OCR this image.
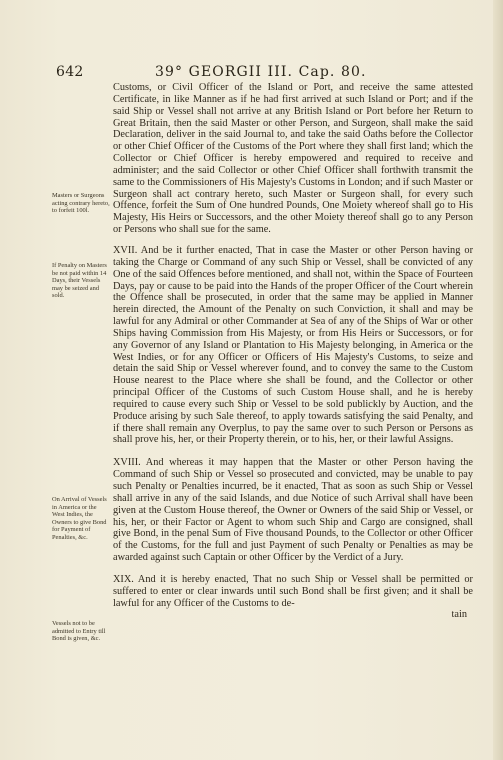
642	39° GEORGII III. Cap. 80.

Customs, or Civil Officer of the Island or Port, and receive the same attested Certificate, in like Manner as if he had first arrived at such Island or Port; and if the said Ship or Vessel shall not arrive at any British Island or Port before her Return to Great Britain, then the said Master or other Person, and Surgeon, shall make the said Declaration, deliver in the said Journal to, and take the said Oaths before the Collector or other Chief Officer of the Customs of the Port where they shall first land; which the Collector or Chief Officer is hereby empowered and required to receive and administer; and the said Collector or other Chief Officer shall forthwith transmit the same to the Commissioners of His Majesty's Customs in London; and if such Master or Surgeon shall act contrary hereto, such Master or Surgeon shall, for every such Offence, forfeit the Sum of One hundred Pounds, One Moiety whereof shall go to His Majesty, His Heirs or Successors, and the other Moiety thereof shall go to any Person or Persons who shall sue for the same.

XVII. And be it further enacted, That in case the Master or other Person having or taking the Charge or Command of any such Ship or Vessel, shall be convicted of any One of the said Offences before mentioned, and shall not, within the Space of Fourteen Days, pay or cause to be paid into the Hands of the proper Officer of the Court wherein the Offence shall be prosecuted, in order that the same may be applied in Manner herein directed, the Amount of the Penalty on such Conviction, it shall and may be lawful for any Admiral or other Commander at Sea of any of the Ships of War or other Ships having Commission from His Majesty, or from His Heirs or Successors, or for any Governor of any Island or Plantation to His Majesty belonging, in America or the West Indies, or for any Officer or Officers of His Majesty's Customs, to seize and detain the said Ship or Vessel wherever found, and to convey the same to the Custom House nearest to the Place where she shall be found, and the Collector or other principal Officer of the Customs of such Custom House shall, and he is hereby required to cause every such Ship or Vessel to be sold publickly by Auction, and the Produce arising by such Sale thereof, to apply towards satisfying the said Penalty, and if there shall remain any Overplus, to pay the same over to such Person or Persons as shall prove his, her, or their Property therein, or to his, her, or their lawful Assigns.

XVIII. And whereas it may happen that the Master or other Person having the Command of such Ship or Vessel so prosecuted and convicted, may be unable to pay such Penalty or Penalties incurred, be it enacted, That as soon as such Ship or Vessel shall arrive in any of the said Islands, and due Notice of such Arrival shall have been given at the Custom House thereof, the Owner or Owners of the said Ship or Vessel, or his, her, or their Factor or Agent to whom such Ship and Cargo are consigned, shall give Bond, in the penal Sum of Five thousand Pounds, to the Collector or other Officer of the Customs, for the full and just Payment of such Penalty or Penalties as may be awarded against such Captain or other Officer by the Verdict of a Jury.

XIX. And it is hereby enacted, That no such Ship or Vessel shall be permitted or suffered to enter or clear inwards until such Bond shall be first given; and it shall be lawful for any Officer of the Customs to de-
tain

Masters or Surgeons acting contrary hereto, to forfeit 100l.
If Penalty on Masters be not paid within 14 Days, their Vessels may be seized and sold.
On Arrival of Vessels in America or the West Indies, the Owners to give Bond for Payment of Penalties, &c.
Vessels not to be admitted to Entry till Bond is given, &c.
